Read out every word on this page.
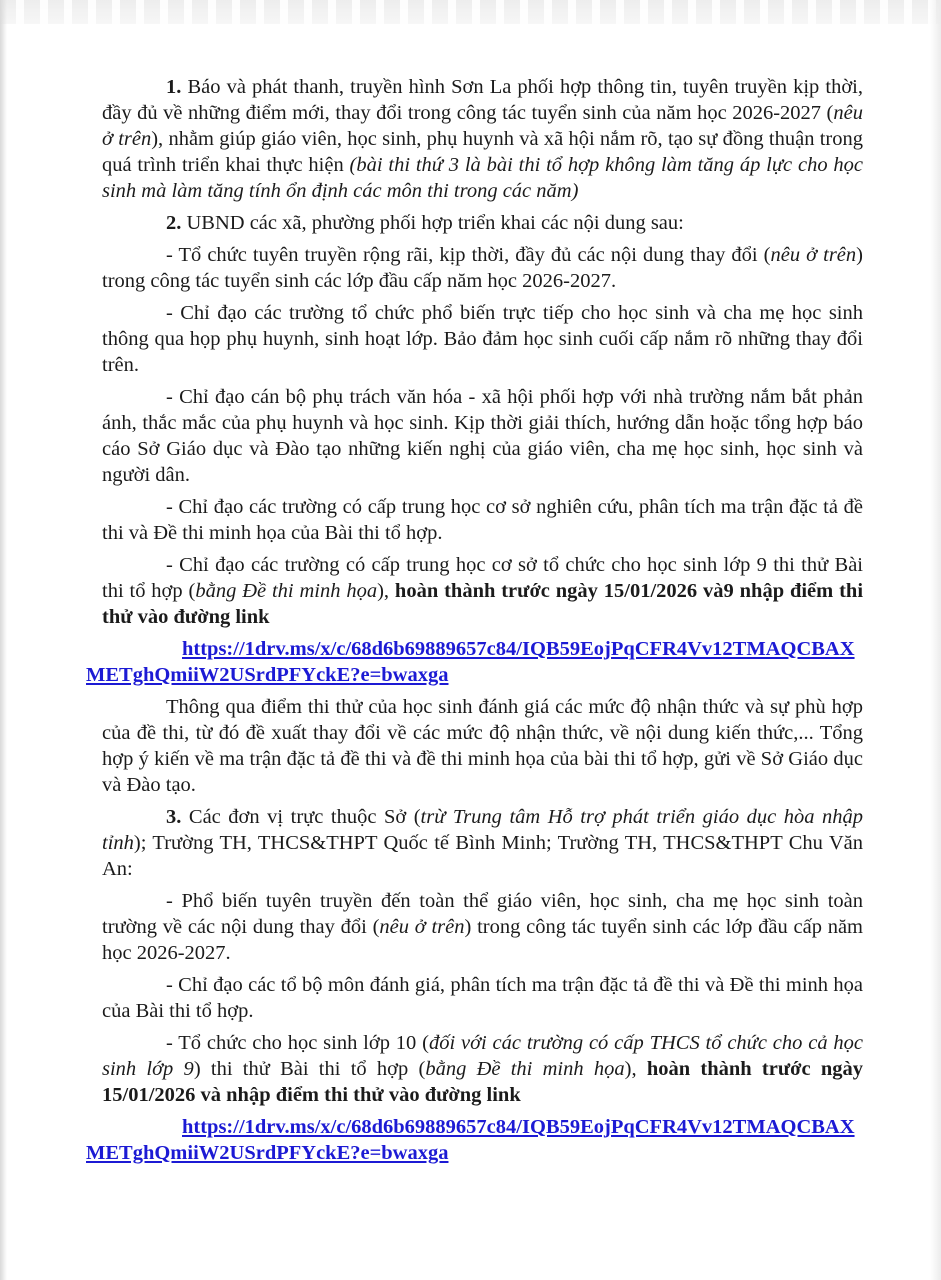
1. Báo và phát thanh, truyền hình Sơn La phối hợp thông tin, tuyên truyền kịp thời, đầy đủ về những điểm mới, thay đổi trong công tác tuyển sinh của năm học 2026-2027 (nêu ở trên), nhằm giúp giáo viên, học sinh, phụ huynh và xã hội nắm rõ, tạo sự đồng thuận trong quá trình triển khai thực hiện (bài thi thứ 3 là bài thi tổ hợp không làm tăng áp lực cho học sinh mà làm tăng tính ổn định các môn thi trong các năm)

2. UBND các xã, phường phối hợp triển khai các nội dung sau:

- Tổ chức tuyên truyền rộng rãi, kịp thời, đầy đủ các nội dung thay đổi (nêu ở trên) trong công tác tuyển sinh các lớp đầu cấp năm học 2026-2027.

- Chỉ đạo các trường tổ chức phổ biến trực tiếp cho học sinh và cha mẹ học sinh thông qua họp phụ huynh, sinh hoạt lớp. Bảo đảm học sinh cuối cấp nắm rõ những thay đổi trên.

- Chỉ đạo cán bộ phụ trách văn hóa - xã hội phối hợp với nhà trường nắm bắt phản ánh, thắc mắc của phụ huynh và học sinh. Kịp thời giải thích, hướng dẫn hoặc tổng hợp báo cáo Sở Giáo dục và Đào tạo những kiến nghị của giáo viên, cha mẹ học sinh, học sinh và người dân.

- Chỉ đạo các trường có cấp trung học cơ sở nghiên cứu, phân tích ma trận đặc tả đề thi và Đề thi minh họa của Bài thi tổ hợp.

- Chỉ đạo các trường có cấp trung học cơ sở tổ chức cho học sinh lớp 9 thi thử Bài thi tổ hợp (bằng Đề thi minh họa), hoàn thành trước ngày 15/01/2026 và9 nhập điểm thi thử vào đường link

https://1drv.ms/x/c/68d6b69889657c84/IQB59EojPqCFR4Vv12TMAQCBAXMETghQmiiW2USrdPFYckE?e=bwaxga

Thông qua điểm thi thử của học sinh đánh giá các mức độ nhận thức và sự phù hợp của đề thi, từ đó đề xuất thay đổi về các mức độ nhận thức, về nội dung kiến thức,... Tổng hợp ý kiến về ma trận đặc tả đề thi và đề thi minh họa của bài thi tổ hợp, gửi về Sở Giáo dục và Đào tạo.

3. Các đơn vị trực thuộc Sở (trừ Trung tâm Hỗ trợ phát triển giáo dục hòa nhập tỉnh); Trường TH, THCS&THPT Quốc tế Bình Minh; Trường TH, THCS&THPT Chu Văn An:

- Phổ biến tuyên truyền đến toàn thể giáo viên, học sinh, cha mẹ học sinh toàn trường về các nội dung thay đổi (nêu ở trên) trong công tác tuyển sinh các lớp đầu cấp năm học 2026-2027.

- Chỉ đạo các tổ bộ môn đánh giá, phân tích ma trận đặc tả đề thi và Đề thi minh họa của Bài thi tổ hợp.

- Tổ chức cho học sinh lớp 10 (đối với các trường có cấp THCS tổ chức cho cả học sinh lớp 9) thi thử Bài thi tổ hợp (bằng Đề thi minh họa), hoàn thành trước ngày 15/01/2026 và nhập điểm thi thử vào đường link

https://1drv.ms/x/c/68d6b69889657c84/IQB59EojPqCFR4Vv12TMAQCBAXMETghQmiiW2USrdPFYckE?e=bwaxga
